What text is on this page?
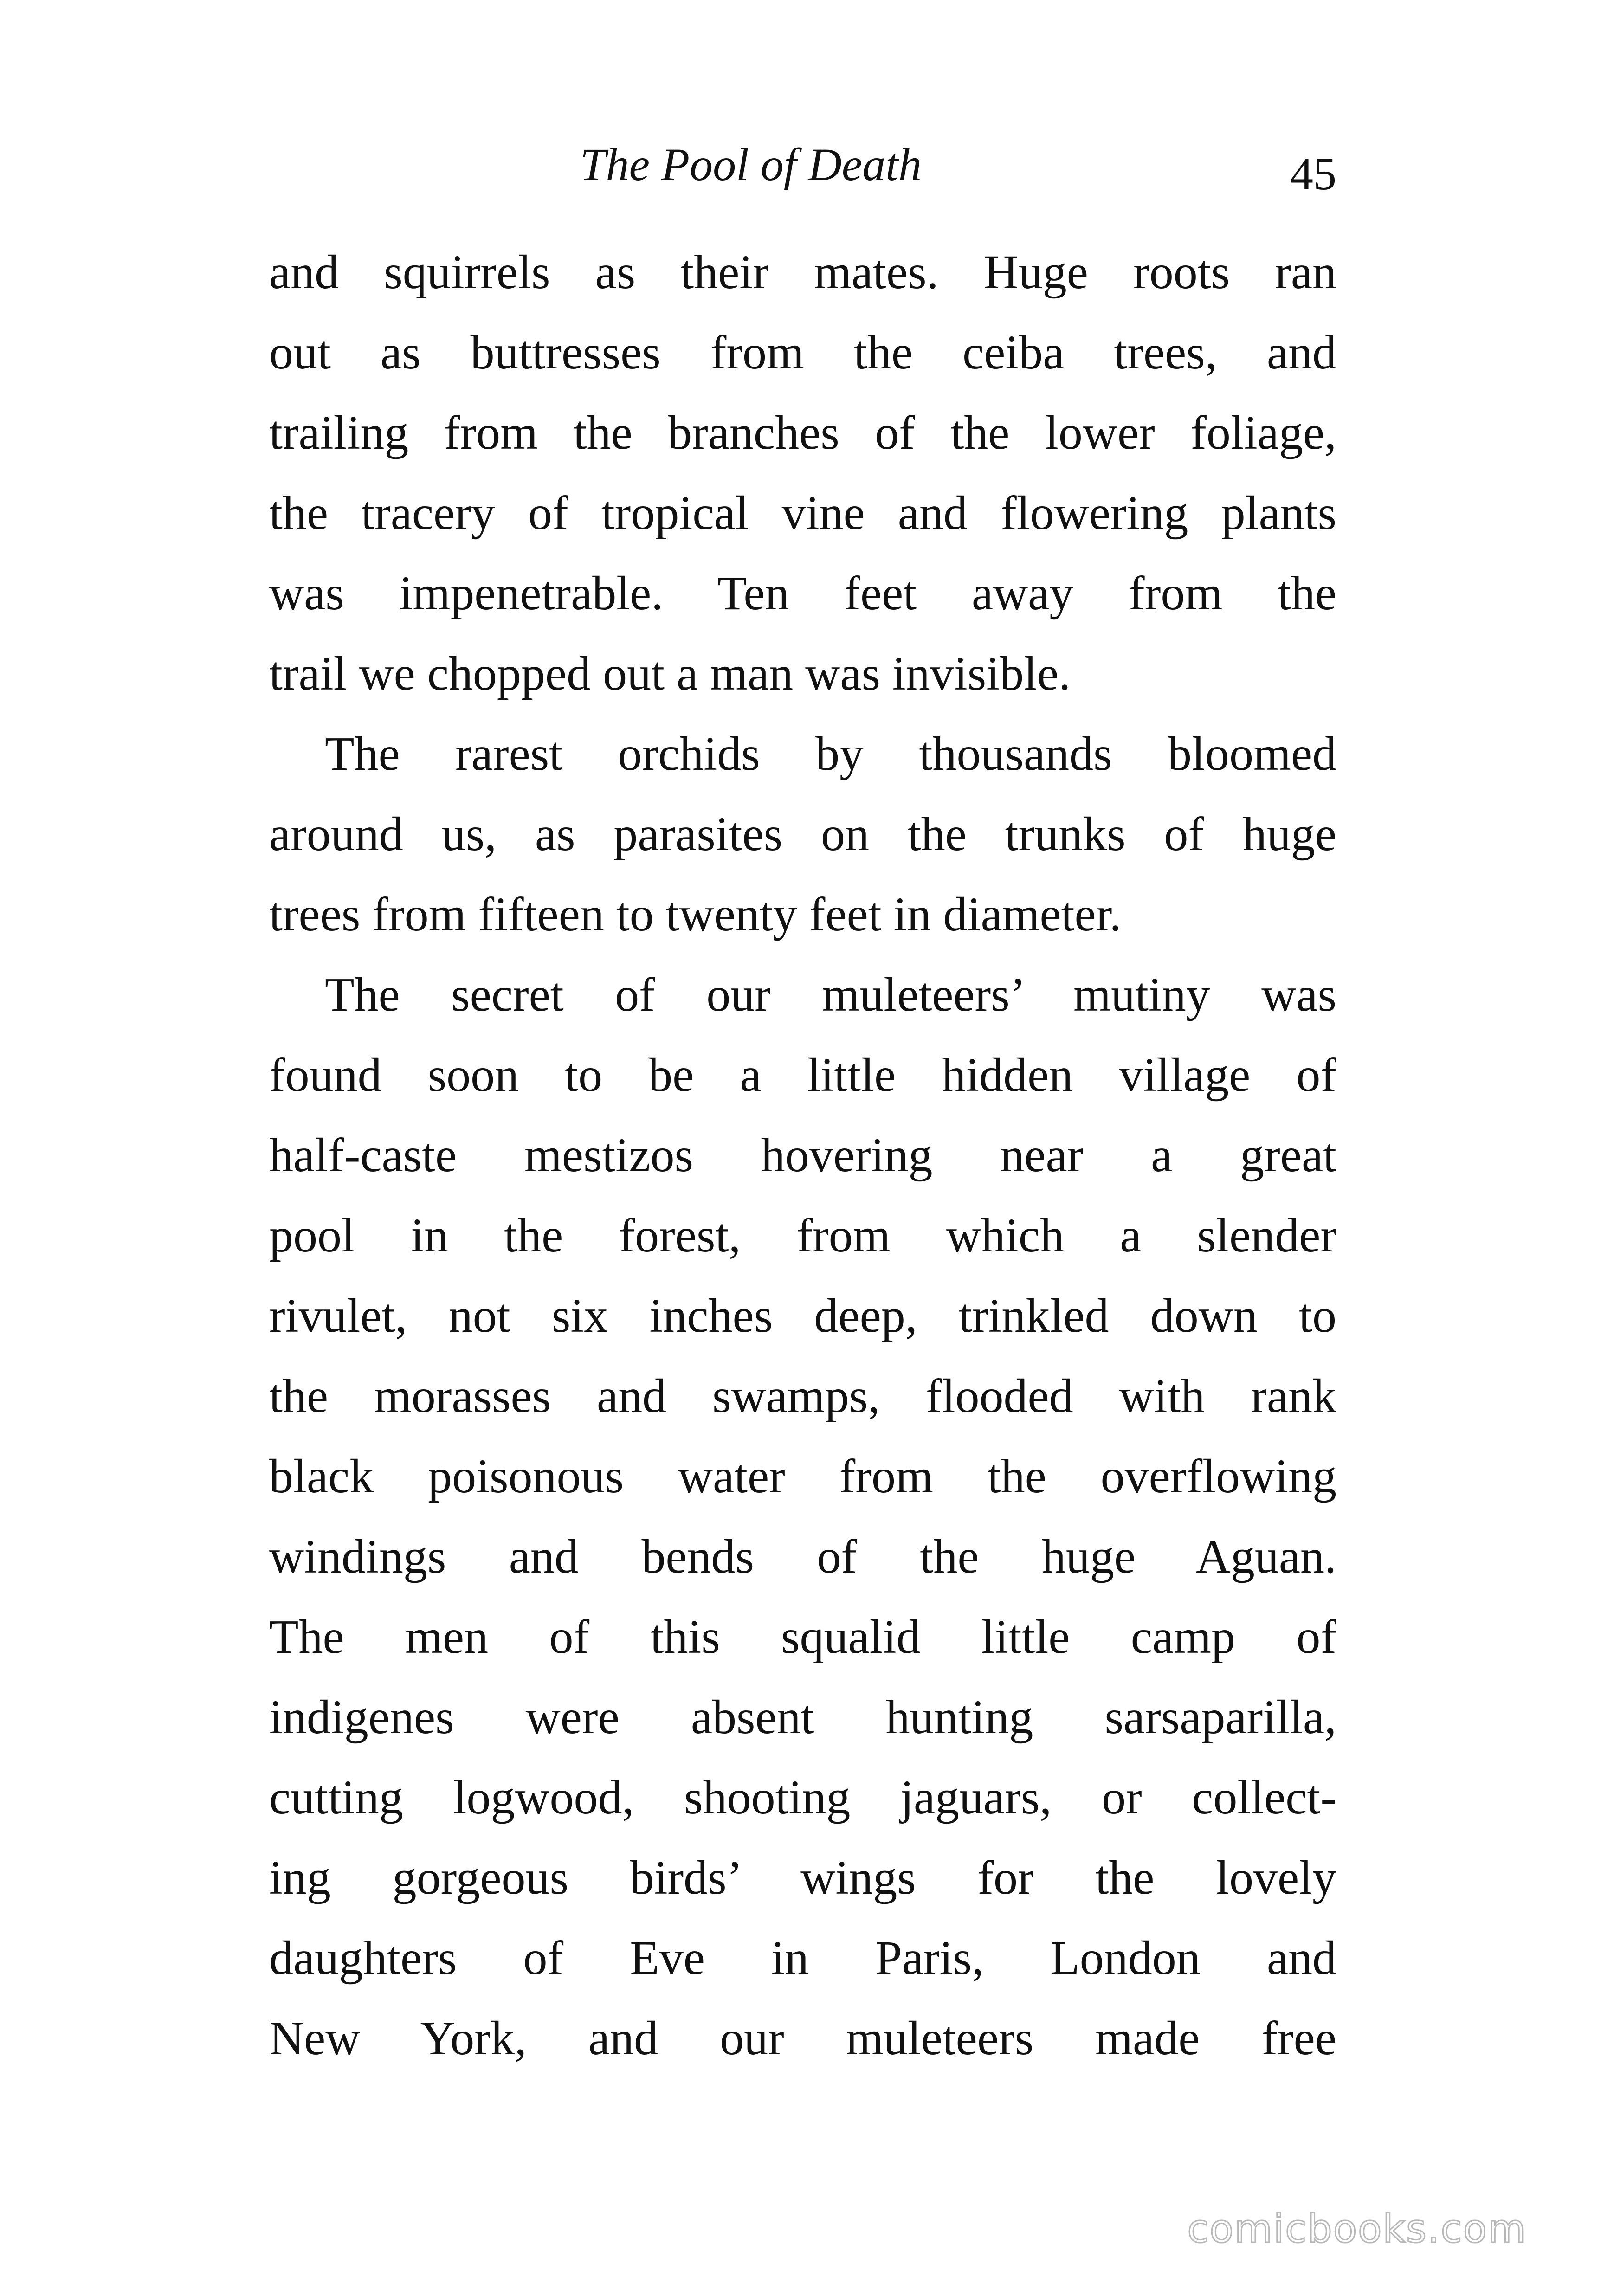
The Pool of Death	45
and squirrels as their mates. Huge roots ran
out as buttresses from the ceiba trees, and
trailing from the branches of the lower foliage,
the tracery of tropical vine and flowering plants
was impenetrable. Ten feet away from the
trail we chopped out a man was invisible.
The rarest orchids by thousands bloomed
around us, as parasites on the trunks of huge
trees from fifteen to twenty feet in diameter.
The secret of our muleteers’ mutiny was
found soon to be a little hidden village of
half-caste mestizos hovering near a great
pool in the forest, from which a slender
rivulet, not six inches deep, trinkled down to
the morasses and swamps, flooded with rank
black poisonous water from the overflowing
windings and bends of the huge Aguan.
The men of this squalid little camp of
indigenes were absent hunting sarsaparilla,
cutting logwood, shooting jaguars, or collect-
ing gorgeous birds’ wings for the lovely
daughters of Eve in Paris, London and
New York, and our muleteers made free
comicbooks.com
